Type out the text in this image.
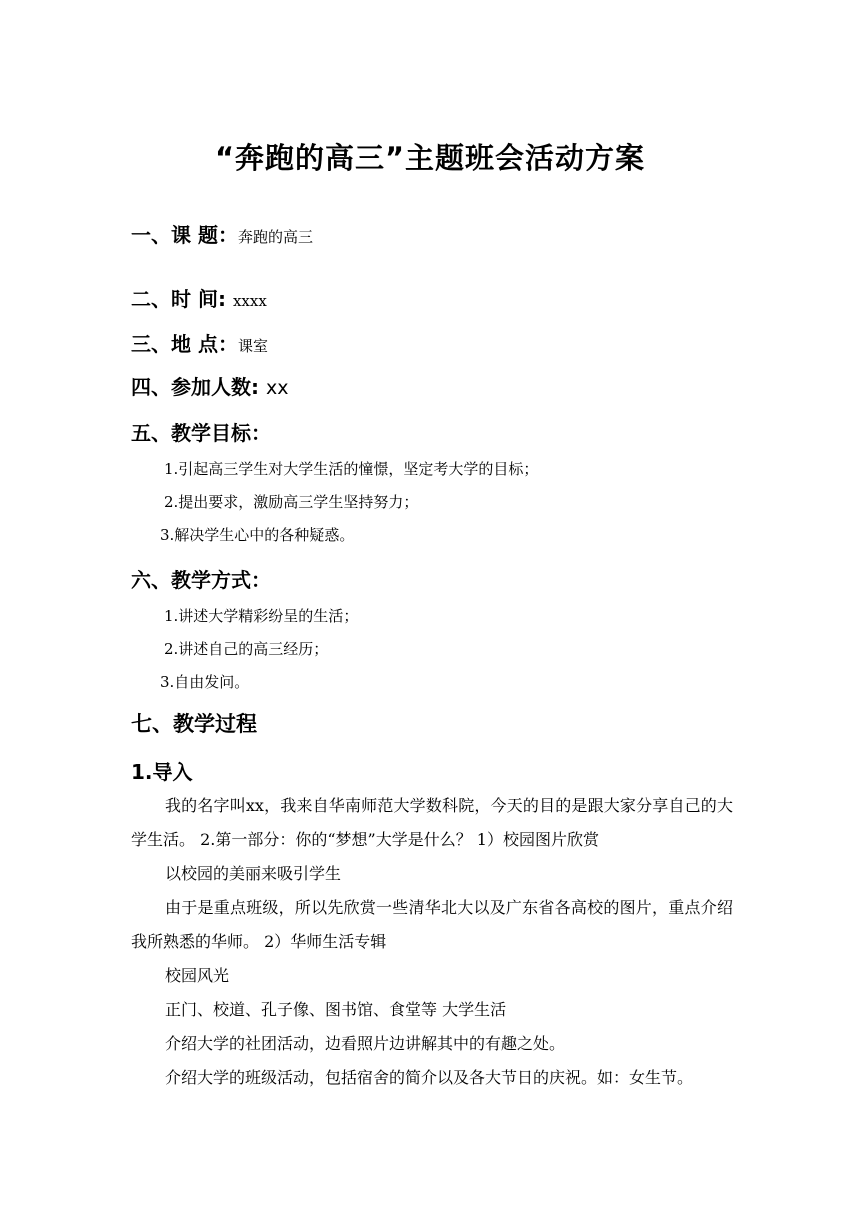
“奔跑的高三”主题班会活动方案
一、课 题：奔跑的高三
二、时 间: xxxx
三、地 点：课室
四、参加人数: xx
五、教学目标：
1.引起高三学生对大学生活的憧憬，坚定考大学的目标；
2.提出要求，激励高三学生坚持努力；
3.解决学生心中的各种疑惑。
六、教学方式：
1.讲述大学精彩纷呈的生活；
2.讲述自己的高三经历；
3.自由发问。
七、教学过程
1.导入
我的名字叫xx，我来自华南师范大学数科院，今天的目的是跟大家分享自己的大学生活。 2.第一部分：你的“梦想”大学是什么？ 1）校园图片欣赏
以校园的美丽来吸引学生
由于是重点班级，所以先欣赏一些清华北大以及广东省各高校的图片，重点介绍我所熟悉的华师。 2）华师生活专辑
校园风光
正门、校道、孔子像、图书馆、食堂等 大学生活
介绍大学的社团活动，边看照片边讲解其中的有趣之处。
介绍大学的班级活动，包括宿舍的简介以及各大节日的庆祝。如：女生节。
